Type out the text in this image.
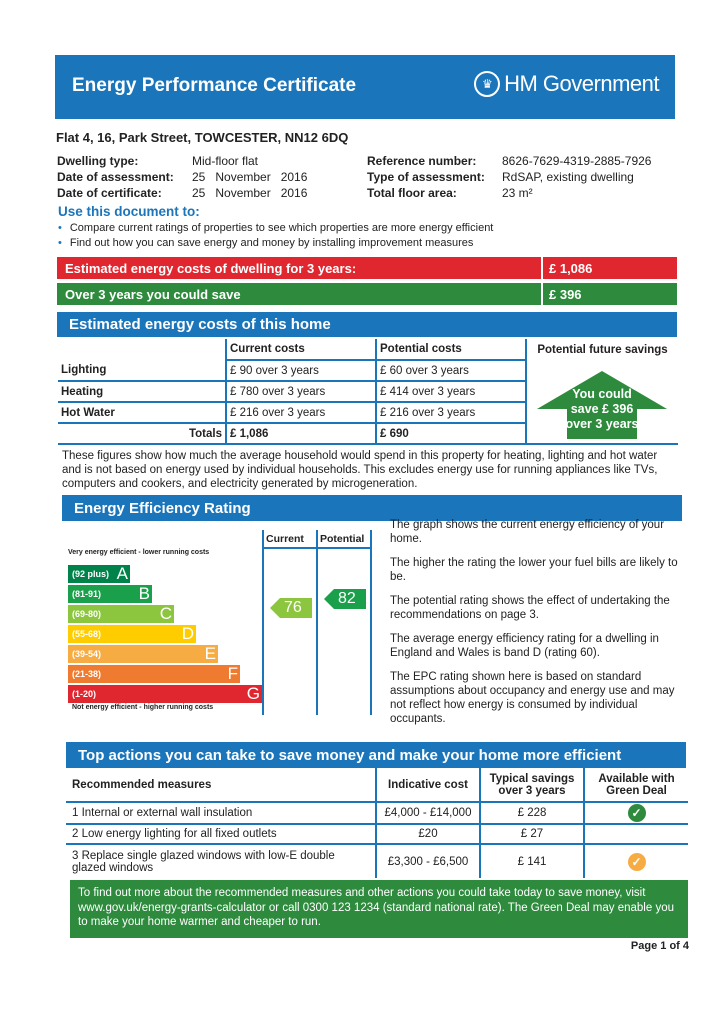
Energy Performance Certificate	♛ HM Government
Flat 4, 16, Park Street, TOWCESTER, NN12 6DQ
Dwelling type:	Mid-floor flat
Date of assessment: 25   November   2016
Date of certificate:	25   November   2016
Reference number: 8626-7629-4319-2885-7926
Type of assessment: RdSAP, existing dwelling
Total floor area:	23 m²
Use this document to:
• Compare current ratings of properties to see which properties are more energy efficient
• Find out how you can save energy and money by installing improvement measures
Estimated energy costs of dwelling for 3 years:	£ 1,086
Over 3 years you could save	£ 396
Estimated energy costs of this home
	Current costs	Potential costs	Potential future savings
Lighting	£ 90 over 3 years	£ 60 over 3 years	
Heating	£ 780 over 3 years	£ 414 over 3 years	
Hot Water	£ 216 over 3 years	£ 216 over 3 years	
Totals	£ 1,086	£ 690	
You could
save £ 396
over 3 years
These figures show how much the average household would spend in this property for heating, lighting and hot water and is not based on energy used by individual households. This excludes energy use for running appliances like TVs, computers and cookers, and electricity generated by microgeneration.
Energy Efficiency Rating
Very energy efficient - lower running costs
(92 plus) A
(81-91) B
(69-80)	C
(55-68)	D
(39-54)	E
(21-38)	F
(1-20)	G
Not energy efficient - higher running costs
Current Potential
76
82

The graph shows the current energy efficiency of your home.

The higher the rating the lower your fuel bills are likely to be.

The potential rating shows the effect of undertaking the recommendations on page 3.

The average energy efficiency rating for a dwelling in England and Wales is band D (rating 60).

The EPC rating shown here is based on standard assumptions about occupancy and energy use and may not reflect how energy is consumed by individual occupants.

Top actions you can take to save money and make your home more efficient
Recommended measures	Indicative cost	Typical savings over 3 years	Available with Green Deal
1 Internal or external wall insulation	£4,000 - £14,000	£ 228	✓
2 Low energy lighting for all fixed outlets	£20	£ 27	
3 Replace single glazed windows with low-E double glazed windows	£3,300 - £6,500	£ 141	✓
To find out more about the recommended measures and other actions you could take today to save money, visit www.gov.uk/energy-grants-calculator or call 0300 123 1234 (standard national rate). The Green Deal may enable you to make your home warmer and cheaper to run.
Page 1 of 4
